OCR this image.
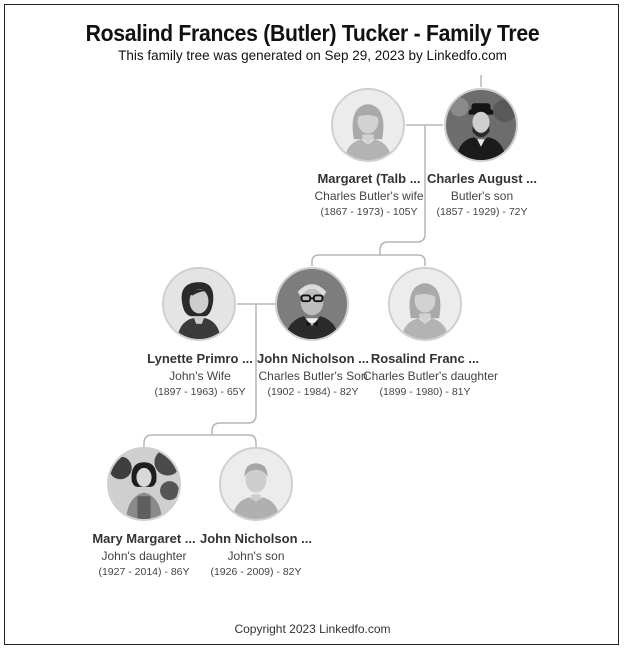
Rosalind Frances (Butler) Tucker - Family Tree
This family tree was generated on Sep 29, 2023 by Linkedfo.com
Margaret (Talb ...
Charles Butler's wife
(1867 - 1973) - 105Y
Charles August ...
Butler's son
(1857 - 1929) - 72Y
Lynette Primro ...
John's Wife
(1897 - 1963) - 65Y
John Nicholson ...
Charles Butler's Son
(1902 - 1984) - 82Y
Rosalind Franc ...
Charles Butler's daughter
(1899 - 1980) - 81Y
Mary Margaret ...
John's daughter
(1927 - 2014) - 86Y
John Nicholson ...
John's son
(1926 - 2009) - 82Y
Copyright 2023 Linkedfo.com
